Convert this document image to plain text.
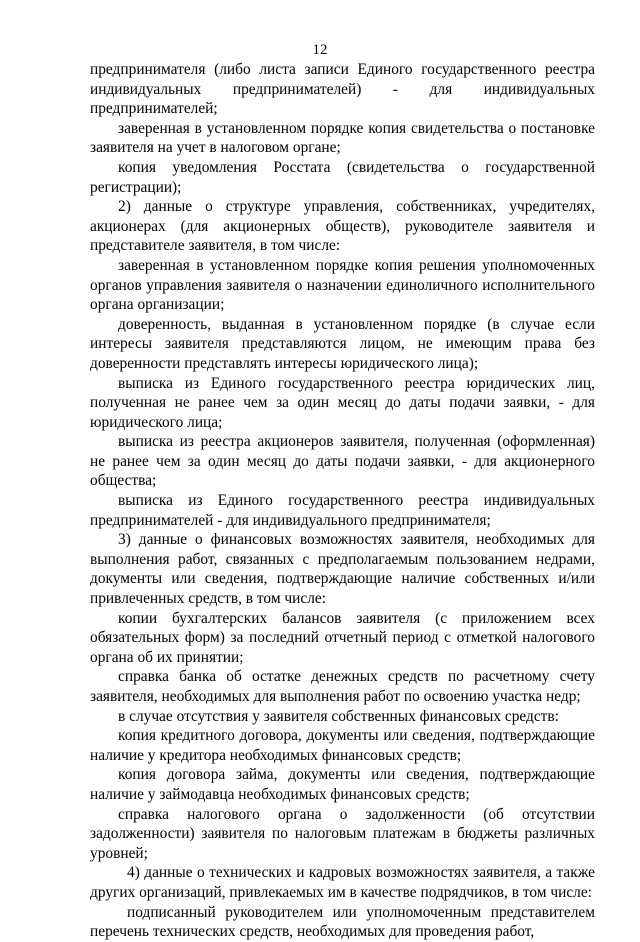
12

предпринимателя (либо листа записи Единого государственного реестра индивидуальных предпринимателей) - для индивидуальных предпринимателей;

заверенная в установленном порядке копия свидетельства о постановке заявителя на учет в налоговом органе;

копия уведомления Росстата (свидетельства о государственной регистрации);

2) данные о структуре управления, собственниках, учредителях, акционерах (для акционерных обществ), руководителе заявителя и представителе заявителя, в том числе:

заверенная в установленном порядке копия решения уполномоченных органов управления заявителя о назначении единоличного исполнительного органа организации;

доверенность, выданная в установленном порядке (в случае если интересы заявителя представляются лицом, не имеющим права без доверенности представлять интересы юридического лица);

выписка из Единого государственного реестра юридических лиц, полученная не ранее чем за один месяц до даты подачи заявки, - для юридического лица;

выписка из реестра акционеров заявителя, полученная (оформленная) не ранее чем за один месяц до даты подачи заявки, - для акционерного общества;

выписка из Единого государственного реестра индивидуальных предпринимателей - для индивидуального предпринимателя;

3) данные о финансовых возможностях заявителя, необходимых для выполнения работ, связанных с предполагаемым пользованием недрами, документы или сведения, подтверждающие наличие собственных и/или привлеченных средств, в том числе:

копии бухгалтерских балансов заявителя (с приложением всех обязательных форм) за последний отчетный период с отметкой налогового органа об их принятии;

справка банка об остатке денежных средств по расчетному счету заявителя, необходимых для выполнения работ по освоению участка недр;

в случае отсутствия у заявителя собственных финансовых средств:

копия кредитного договора, документы или сведения, подтверждающие наличие у кредитора необходимых финансовых средств;

копия договора займа, документы или сведения, подтверждающие наличие у займодавца необходимых финансовых средств;

справка налогового органа о задолженности (об отсутствии задолженности) заявителя по налоговым платежам в бюджеты различных уровней;

4) данные о технических и кадровых возможностях заявителя, а также других организаций, привлекаемых им в качестве подрядчиков, в том числе:

подписанный руководителем или уполномоченным представителем перечень технических средств, необходимых для проведения работ,
